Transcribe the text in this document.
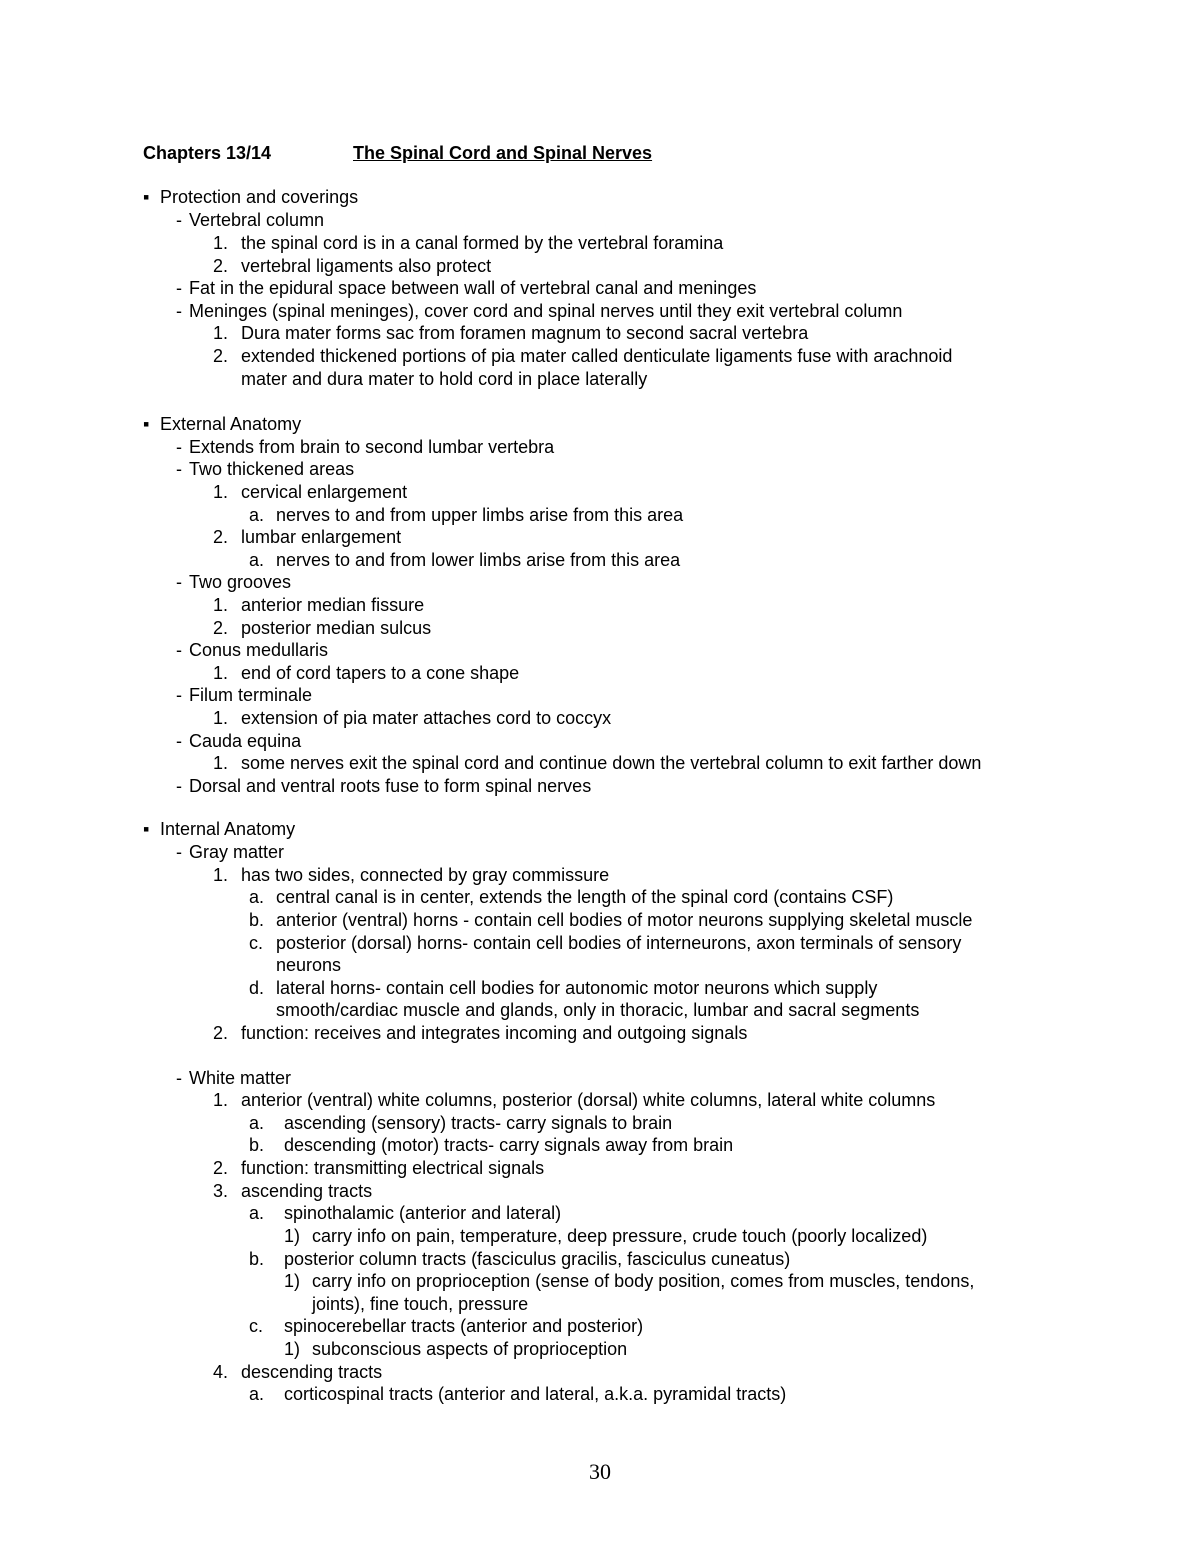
Chapters 13/14	The Spinal Cord and Spinal Nerves
▪ Protection and coverings
- Vertebral column
1. the spinal cord is in a canal formed by the vertebral foramina
2. vertebral ligaments also protect
- Fat in the epidural space between wall of vertebral canal and meninges
- Meninges (spinal meninges), cover cord and spinal nerves until they exit vertebral column
1. Dura mater forms sac from foramen magnum to second sacral vertebra
2. extended thickened portions of pia mater called denticulate ligaments fuse with arachnoid
mater and dura mater to hold cord in place laterally
▪ External Anatomy
- Extends from brain to second lumbar vertebra
- Two thickened areas
1. cervical enlargement
a. nerves to and from upper limbs arise from this area
2. lumbar enlargement
a. nerves to and from lower limbs arise from this area
- Two grooves
1. anterior median fissure
2. posterior median sulcus
- Conus medullaris
1. end of cord tapers to a cone shape
- Filum terminale
1. extension of pia mater attaches cord to coccyx
- Cauda equina
1. some nerves exit the spinal cord and continue down the vertebral column to exit farther down
- Dorsal and ventral roots fuse to form spinal nerves
▪ Internal Anatomy
- Gray matter
1. has two sides, connected by gray commissure
a. central canal is in center, extends the length of the spinal cord (contains CSF)
b. anterior (ventral) horns - contain cell bodies of motor neurons supplying skeletal muscle
c. posterior (dorsal) horns- contain cell bodies of interneurons, axon terminals of sensory
neurons
d. lateral horns- contain cell bodies for autonomic motor neurons which supply
smooth/cardiac muscle and glands, only in thoracic, lumbar and sacral segments
2. function: receives and integrates incoming and outgoing signals
- White matter
1. anterior (ventral) white columns, posterior (dorsal) white columns, lateral white columns
a. ascending (sensory) tracts- carry signals to brain
b. descending (motor) tracts- carry signals away from brain
2. function: transmitting electrical signals
3. ascending tracts
a. spinothalamic (anterior and lateral)
1) carry info on pain, temperature, deep pressure, crude touch (poorly localized)
b. posterior column tracts (fasciculus gracilis, fasciculus cuneatus)
1) carry info on proprioception (sense of body position, comes from muscles, tendons,
joints), fine touch, pressure
c. spinocerebellar tracts (anterior and posterior)
1) subconscious aspects of proprioception
4. descending tracts
a. corticospinal tracts (anterior and lateral, a.k.a. pyramidal tracts)
30
